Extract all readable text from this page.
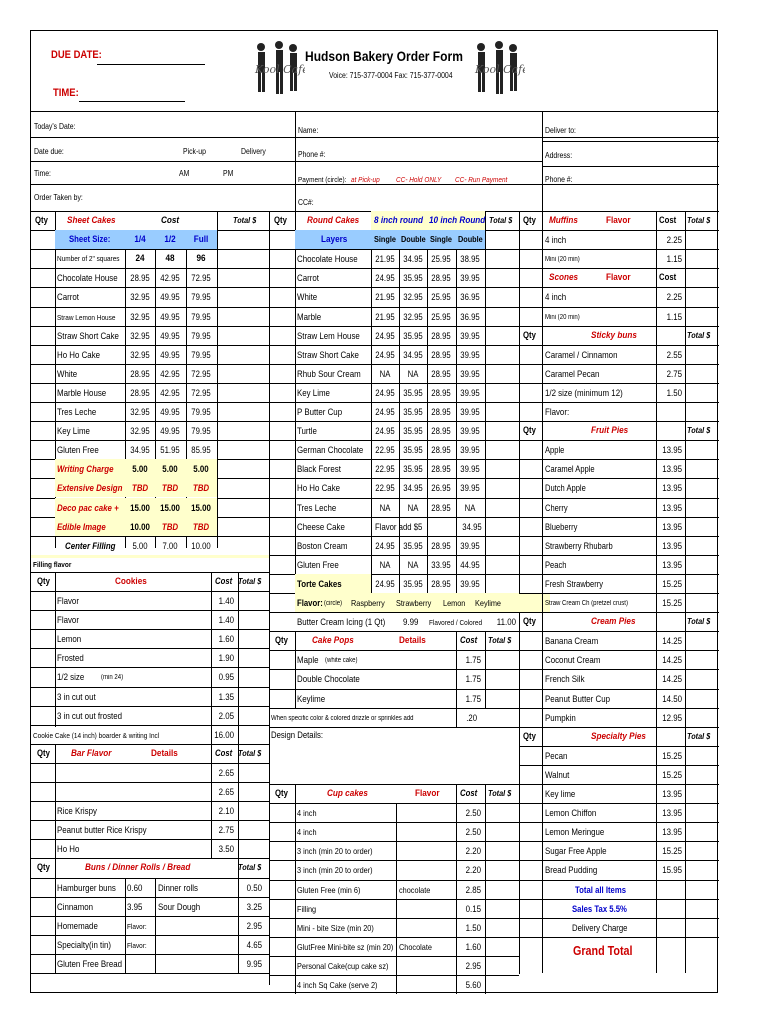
DUE DATE:
TIME:
Hudson Bakery Order Form
Voice: 715-377-0004 Fax: 715-377-0004
Kool Cafe	Kool Cafe
Today's Date:
Date due:	Pick-up	Delivery
Time:	AM	PM
Order Taken by:
Name:
Phone #:
Payment (circle): at Pick-up CC- Hold ONLY CC- Run Payment
CC#:
Deliver to:
Address:
Phone #:
Qty Sheet Cakes	Cost	Total $
Sheet Size:	1/4	1/2	Full
Number of 2" squares	24	48	96
Chocolate House	28.95	42.95	72.95
Carrot	32.95	49.95	79.95
Straw Lemon House	32.95	49.95	79.95
Straw Short Cake	32.95	49.95	79.95
Ho Ho Cake	32.95	49.95	79.95
White	28.95	42.95	72.95
Marble House	28.95	42.95	72.95
Tres Leche	32.95	49.95	79.95
Key Lime	32.95	49.95	79.95
Gluten Free	34.95	51.95	85.95
Writing Charge	5.00	5.00	5.00
Extensive Design	TBD	TBD	TBD
Deco pac cake +	15.00	15.00	15.00
Edible Image	10.00	TBD	TBD
Center Filling	5.00	7.00	10.00
Filling flavor
Qty	Cookies	Cost Total $
Flavor	1.40
Flavor	1.40
Lemon	1.60
Frosted	1.90
1/2 size (min 24)	0.95
3 in cut out	1.35
3 in cut out frosted	2.05
Cookie Cake (14 inch) boarder & writing Incl	16.00
Qty Bar Flavor	Details	Cost Total $
2.65
2.65
Rice Krispy	2.10
Peanut butter Rice Krispy	2.75
Ho Ho	3.50
Qty	Buns / Dinner Rolls / Bread	Total $
Hamburger buns 0.60 Dinner rolls	0.50
Cinnamon	3.95 Sour Dough	3.25
Homemade	Flavor:	2.95
Specialty(in tin) Flavor:	4.65
Gluten Free Bread	9.95
Qty Round Cakes 8 inch round 10 inch Round Total $
Layers	Single Double Single Double
Chocolate House 21.95 34.95 25.95 38.95
Carrot	24.95 35.95 28.95 39.95
White	21.95 32.95 25.95 36.95
Marble	21.95 32.95 25.95 36.95
Straw Lem House 24.95 35.95 28.95 39.95
Straw Short Cake 24.95 34.95 28.95 39.95
Rhub Sour Cream	NA	NA	28.95 39.95
Key Lime	24.95 35.95 28.95 39.95
P Butter Cup	24.95 35.95 28.95 39.95
Turtle	24.95 35.95 28.95 39.95
German Chocolate 22.95 35.95 28.95 39.95
Black Forest	22.95 35.95 28.95 39.95
Ho Ho Cake	22.95 34.95 26.95 39.95
Tres Leche	NA	NA	28.95	NA
Cheese Cake	Flavor add $5	34.95
Boston Cream	24.95 35.95 28.95 39.95
Gluten Free	NA	NA	33.95 44.95
Torte Cakes	24.95 35.95 28.95 39.95
Flavor: (circle) Raspberry Strawberry Lemon Keylime
Butter Cream Icing (1 Qt) 9.99 Flavored / Colored	11.00
Qty	Cake Pops	Details	Cost Total $
Maple (white cake)	1.75
Double Chocolate	1.75
Keylime	1.75
When specific color & colored drizzle or sprinkles add	.20
Design Details:
Qty	Cup cakes	Flavor Cost Total $
4 inch	2.50
4 inch	2.50
3 inch (min 20 to order)	2.20
3 inch (min 20 to order)	2.20
Gluten Free (min 6)	chocolate	2.85
Filling	0.15
Mini - bite Size (min 20)	1.50
GlutFree Mini-bite sz (min 20) Chocolate	1.60
Personal Cake(cup cake sz)	2.95
4 inch Sq Cake (serve 2)	5.60
Qty Muffins	Flavor	Cost Total $
4 inch	2.25
Mini (20 min)	1.15
Scones	Flavor	Cost
4 inch	2.25
Mini (20 min)	1.15
Qty	Sticky buns	Total $
Caramel / Cinnamon	2.55
Caramel Pecan	2.75
1/2 size (minimum 12)	1.50
Flavor:
Qty	Fruit Pies	Total $
Apple	13.95
Caramel Apple	13.95
Dutch Apple	13.95
Cherry	13.95
Blueberry	13.95
Strawberry Rhubarb	13.95
Peach	13.95
Fresh Strawberry	15.25
Straw Cream Ch (pretzel crust)	15.25
Qty	Cream Pies	Total $
Banana Cream	14.25
Coconut Cream	14.25
French Silk	14.25
Peanut Butter Cup	14.50
Pumpkin	12.95
Qty	Specialty Pies	Total $
Pecan	15.25
Walnut	15.25
Key lime	13.95
Lemon Chiffon	13.95
Lemon Meringue	13.95
Sugar Free Apple	15.25
Bread Pudding	15.95
Total all Items
Sales Tax 5.5%
Delivery Charge
Grand Total
